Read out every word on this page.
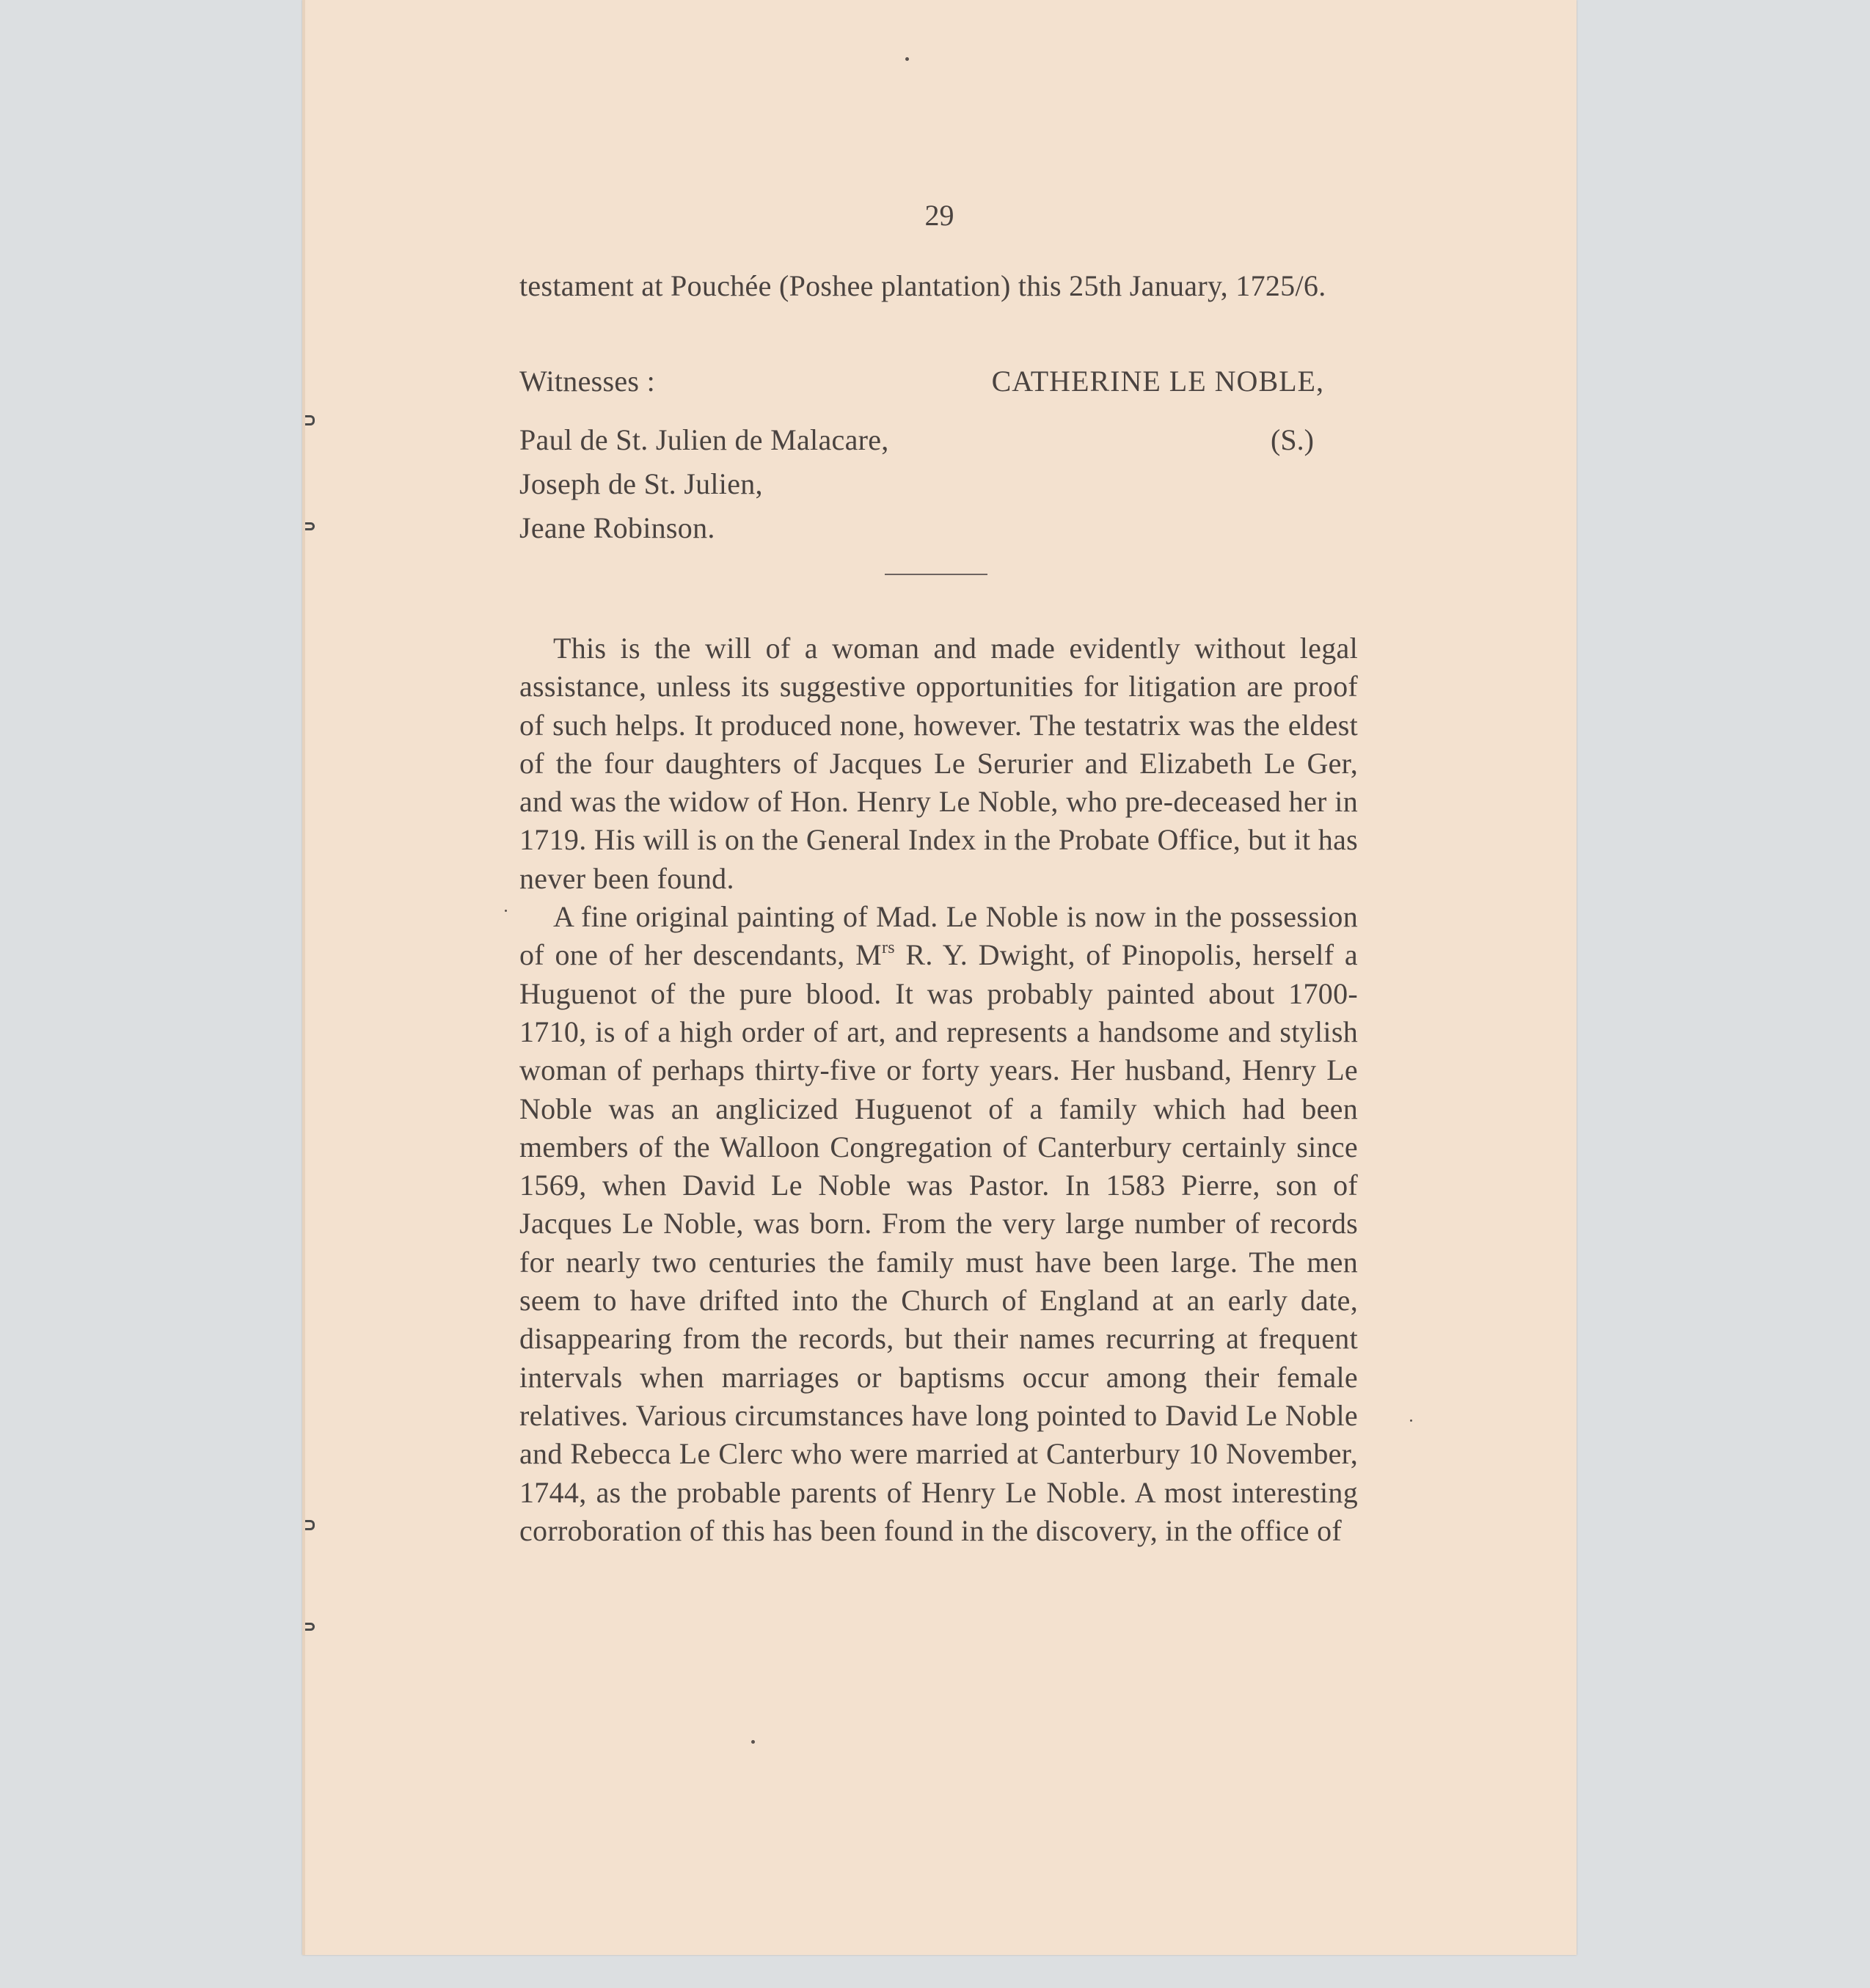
29
testament at Pouchée (Poshee plantation) this 25th January, 1725/6.
Witnesses :	CATHERINE LE NOBLE,
Paul de St. Julien de Malacare,
Joseph de St. Julien,
Jeane Robinson.
(S.)

This is the will of a woman and made evidently without legal assistance, unless its suggestive opportunities for litigation are proof of such helps. It produced none, however. The testatrix was the eldest of the four daughters of Jacques Le Serurier and Elizabeth Le Ger, and was the widow of Hon. Henry Le Noble, who pre-deceased her in 1719. His will is on the General Index in the Probate Office, but it has never been found.

A fine original painting of Mad. Le Noble is now in the possession of one of her descendants, $M^{rs}$ R. Y. Dwight, of Pinopolis, herself a Huguenot of the pure blood. It was probably painted about 1700-1710, is of a high order of art, and represents a handsome and stylish woman of perhaps thirty-five or forty years. Her husband, Henry Le Noble was an anglicized Huguenot of a family which had been members of the Walloon Congregation of Canterbury certainly since 1569, when David Le Noble was Pastor. In 1583 Pierre, son of Jacques Le Noble, was born. From the very large number of records for nearly two centuries the family must have been large. The men seem to have drifted into the Church of England at an early date, disappearing from the records, but their names recurring at frequent intervals when marriages or baptisms occur among their female relatives. Various circumstances have long pointed to David Le Noble and Rebecca Le Clerc who were married at Canterbury 10 November, 1744, as the probable parents of Henry Le Noble. A most interesting corroboration of this has been found in the discovery, in the office of
